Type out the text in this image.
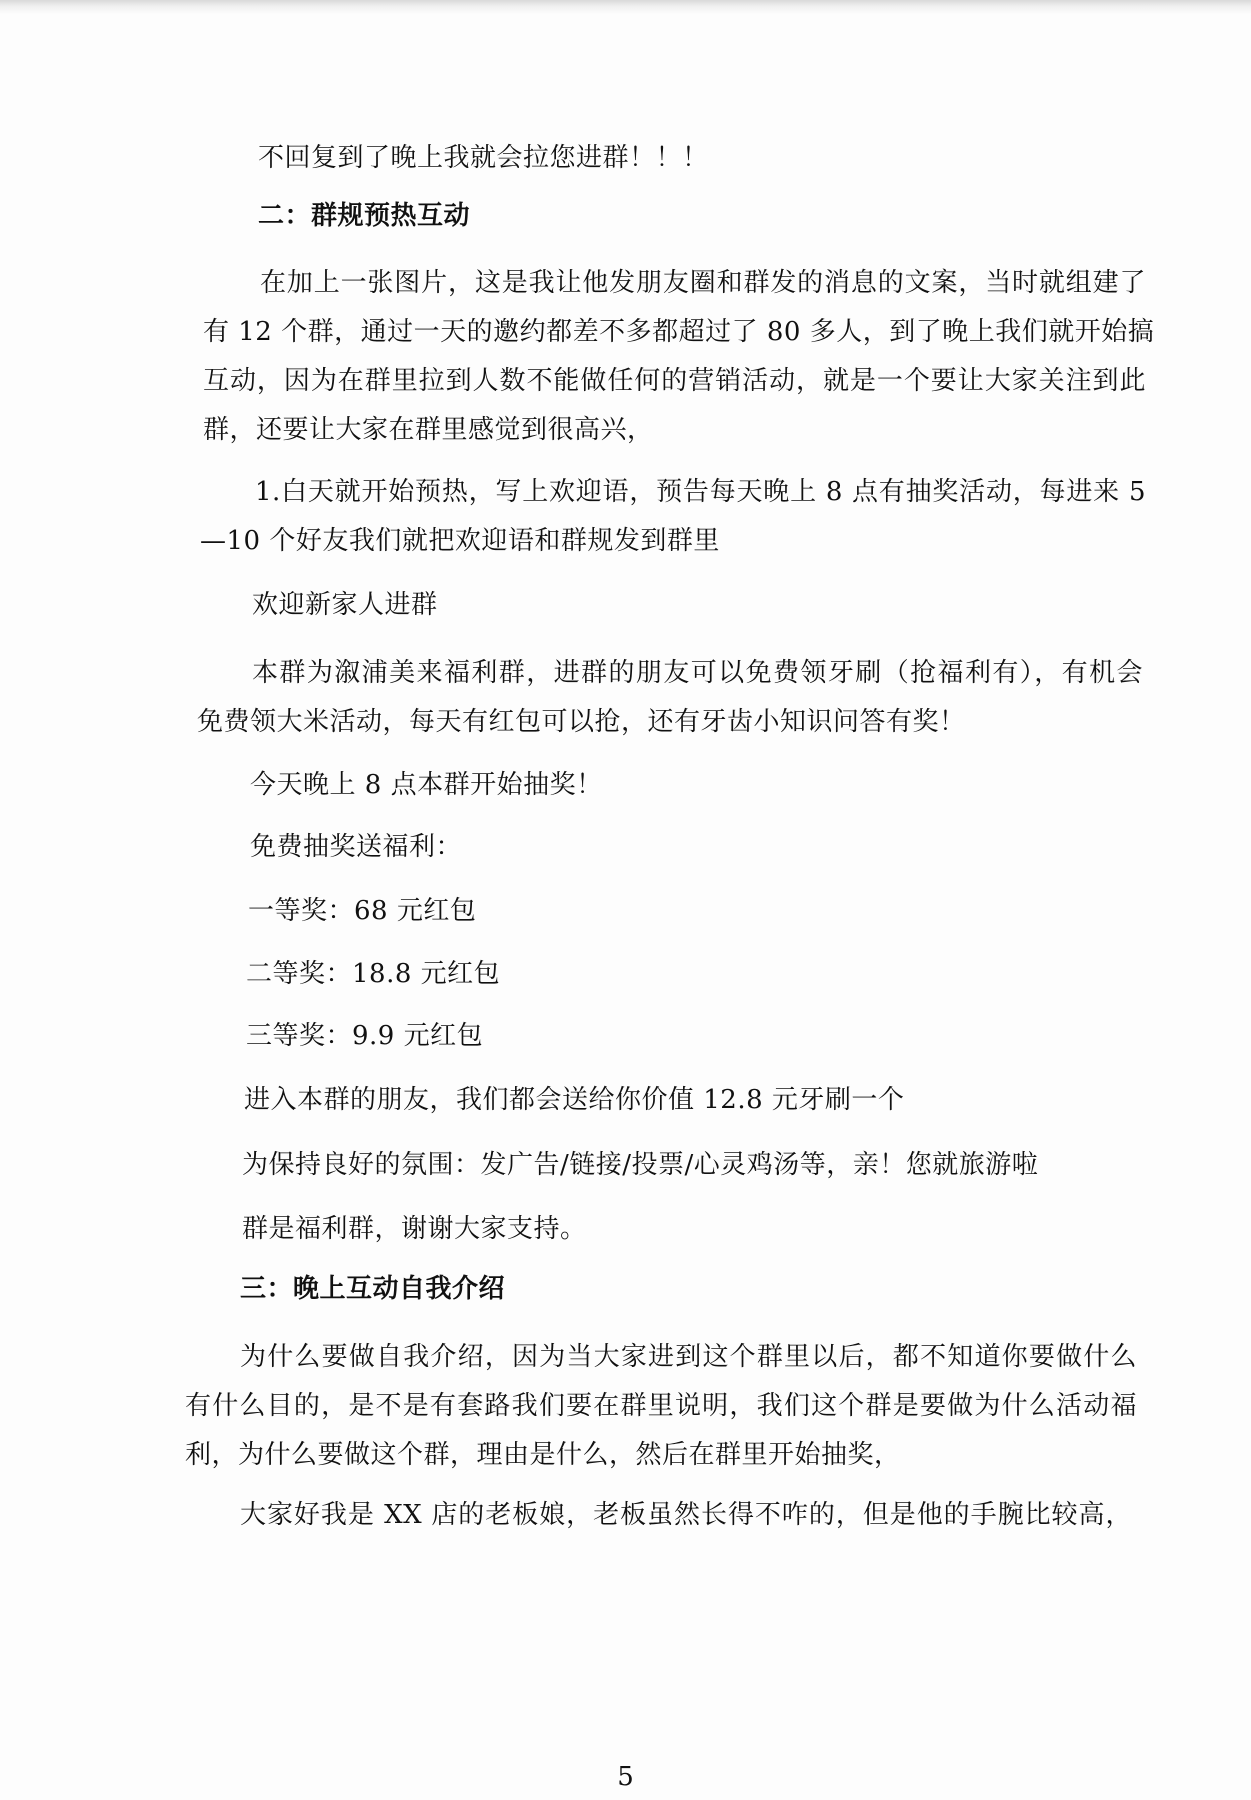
不回复到了晚上我就会拉您进群！！！
二：群规预热互动
在加上一张图片，这是我让他发朋友圈和群发的消息的文案，当时就组建了
有 12 个群，通过一天的邀约都差不多都超过了 80 多人，到了晚上我们就开始搞
互动，因为在群里拉到人数不能做任何的营销活动，就是一个要让大家关注到此
群，还要让大家在群里感觉到很高兴，
1.白天就开始预热，写上欢迎语，预告每天晚上 8 点有抽奖活动，每进来 5
—10 个好友我们就把欢迎语和群规发到群里
欢迎新家人进群
本群为溆浦美来福利群，进群的朋友可以免费领牙刷（抢福利有），有机会
免费领大米活动，每天有红包可以抢，还有牙齿小知识问答有奖！
今天晚上 8 点本群开始抽奖！
免费抽奖送福利：
一等奖：68 元红包
二等奖：18.8 元红包
三等奖：9.9 元红包
进入本群的朋友，我们都会送给你价值 12.8 元牙刷一个
为保持良好的氛围：发广告/链接/投票/心灵鸡汤等，亲！您就旅游啦
群是福利群，谢谢大家支持。
三：晚上互动自我介绍
为什么要做自我介绍，因为当大家进到这个群里以后，都不知道你要做什么
有什么目的，是不是有套路我们要在群里说明，我们这个群是要做为什么活动福
利，为什么要做这个群，理由是什么，然后在群里开始抽奖，
大家好我是 XX 店的老板娘，老板虽然长得不咋的，但是他的手腕比较高，
5
